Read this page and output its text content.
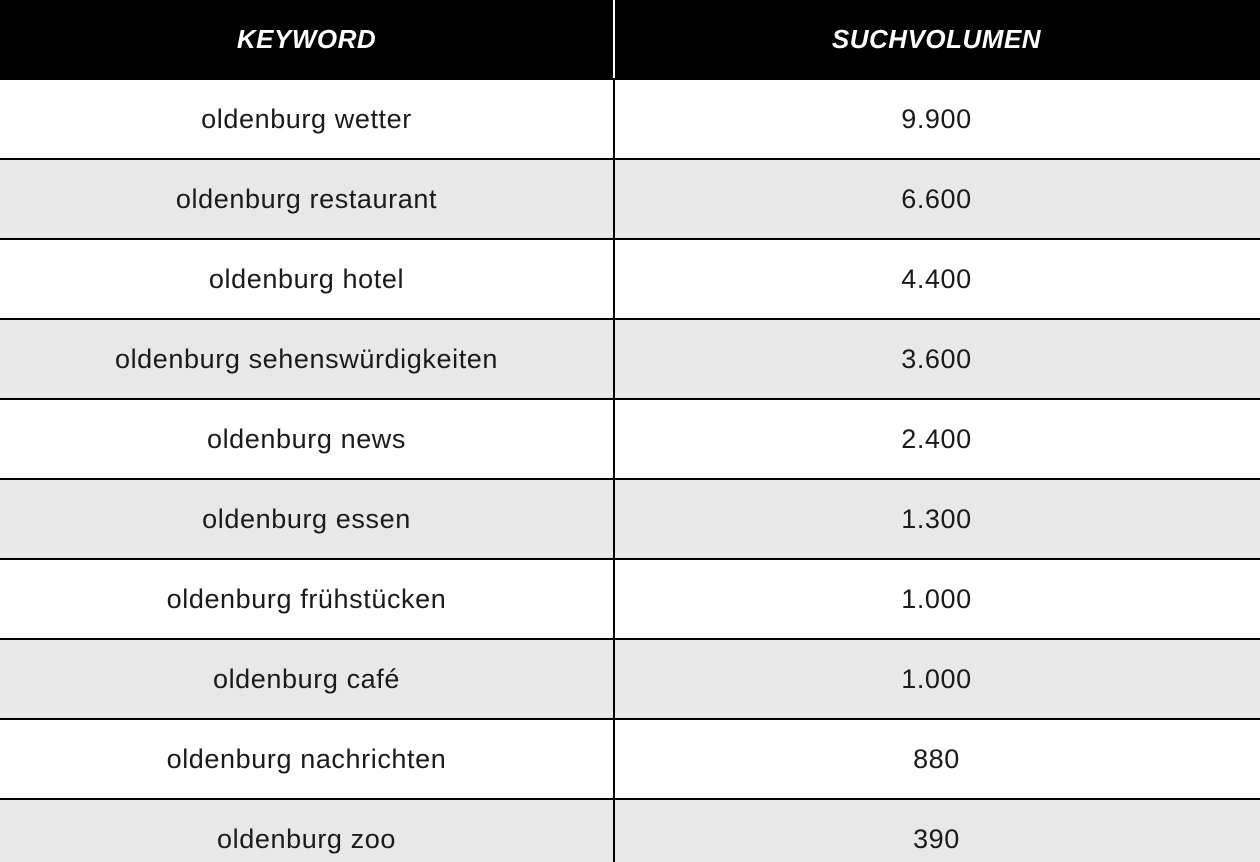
KEYWORD	SUCHVOLUMEN
oldenburg wetter	9.900
oldenburg restaurant	6.600
oldenburg hotel	4.400
oldenburg sehenswürdigkeiten	3.600
oldenburg news	2.400
oldenburg essen	1.300
oldenburg frühstücken	1.000
oldenburg café	1.000
oldenburg nachrichten	880
oldenburg zoo	390
